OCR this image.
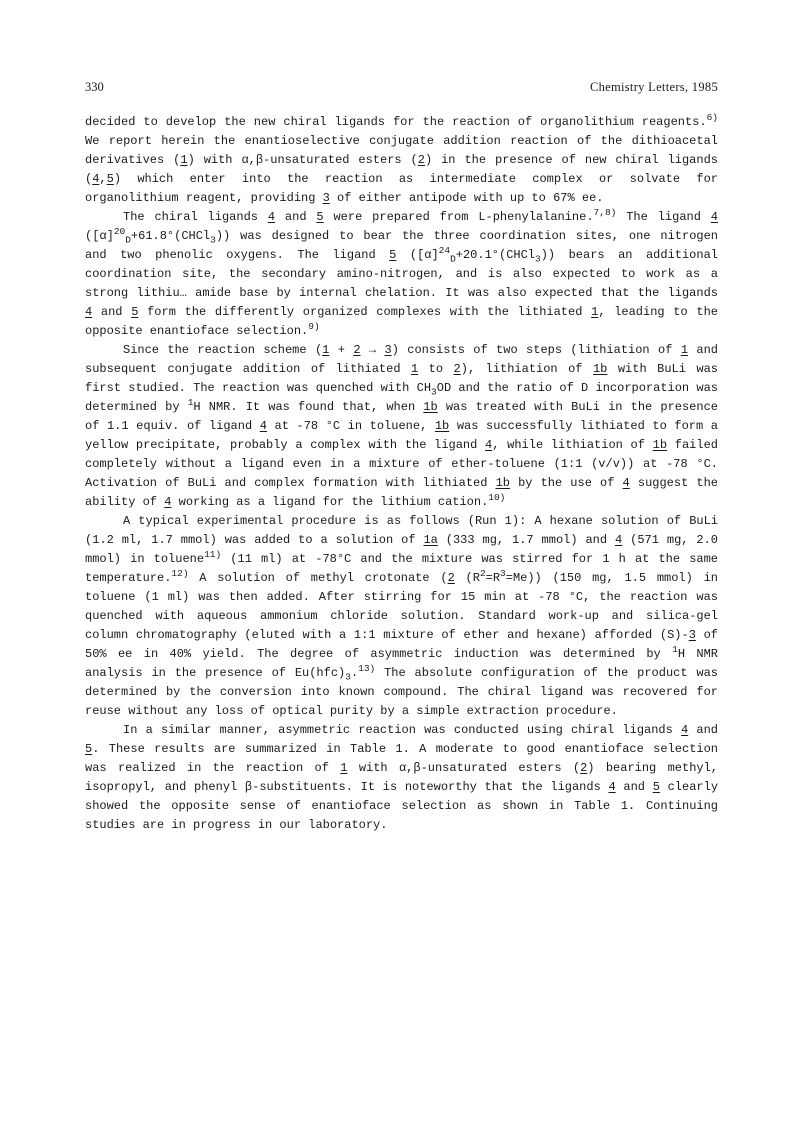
330	Chemistry Letters, 1985

decided to develop the new chiral ligands for the reaction of organolithium reagents.$^{6)}$ We report herein the enantioselective conjugate addition reaction of the dithioacetal derivatives (1) with α,β-unsaturated esters (2) in the presence of new chiral ligands (4,5) which enter into the reaction as intermediate complex or solvate for organolithium reagent, providing 3 of either antipode with up to 67% ee.

The chiral ligands 4 and 5 were prepared from L-phenylalanine.$^{7,8)}$ The ligand 4 $([\alpha]^{20}_D+61.8^\circ(CHCl_3))$ was designed to bear the three coordination sites, one nitrogen and two phenolic oxygens. The ligand 5 $([\alpha]^{24}_D+20.1^\circ(CHCl_3))$ bears an additional coordination site, the secondary amino-nitrogen, and is also expected to work as a strong lithiu… amide base by internal chelation. It was also expected that the ligands 4 and 5 form the differently organized complexes with the lithiated 1, leading to the opposite enantioface selection.$^{9)}$

Since the reaction scheme (1 + 2 → 3) consists of two steps (lithiation of 1 and subsequent conjugate addition of lithiated 1 to 2), lithiation of 1b with BuLi was first studied. The reaction was quenched with $CH_3OD$ and the ratio of D incorporation was determined by $^1$H NMR. It was found that, when 1b was treated with BuLi in the presence of 1.1 equiv. of ligand 4 at -78 °C in toluene, 1b was successfully lithiated to form a yellow precipitate, probably a complex with the ligand 4, while lithiation of 1b failed completely without a ligand even in a mixture of ether-toluene (1:1 (v/v)) at -78 °C. Activation of BuLi and complex formation with lithiated 1b by the use of 4 suggest the ability of 4 working as a ligand for the lithium cation.$^{10)}$

A typical experimental procedure is as follows (Run 1): A hexane solution of BuLi (1.2 ml, 1.7 mmol) was added to a solution of 1a (333 mg, 1.7 mmol) and 4 (571 mg, 2.0 mmol) in toluene$^{11)}$ (11 ml) at -78°C and the mixture was stirred for 1 h at the same temperature.$^{12)}$ A solution of methyl crotonate (2 $(R^2=R^3=Me)$) (150 mg, 1.5 mmol) in toluene (1 ml) was then added. After stirring for 15 min at -78 °C, the reaction was quenched with aqueous ammonium chloride solution. Standard work-up and silica-gel column chromatography (eluted with a 1:1 mixture of ether and hexane) afforded (S)-3 of 50% ee in 40% yield. The degree of asymmetric induction was determined by $^1$H NMR analysis in the presence of $Eu(hfc)_3.^{13)}$ The absolute configuration of the product was determined by the conversion into known compound. The chiral ligand was recovered for reuse without any loss of optical purity by a simple extraction procedure.

In a similar manner, asymmetric reaction was conducted using chiral ligands 4 and 5. These results are summarized in Table 1. A moderate to good enantioface selection was realized in the reaction of 1 with α,β-unsaturated esters (2) bearing methyl, isopropyl, and phenyl β-substituents. It is noteworthy that the ligands 4 and 5 clearly showed the opposite sense of enantioface selection as shown in Table 1. Continuing studies are in progress in our laboratory.
